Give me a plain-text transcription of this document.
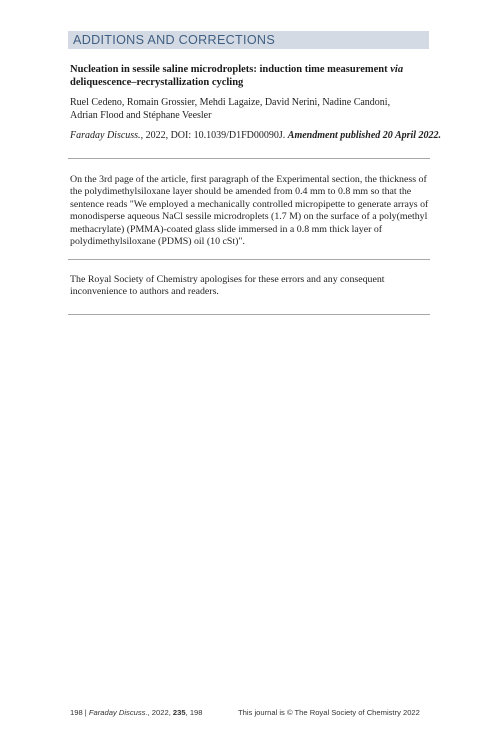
ADDITIONS AND CORRECTIONS
Nucleation in sessile saline microdroplets: induction time measurement via deliquescence–recrystallization cycling
Ruel Cedeno, Romain Grossier, Mehdi Lagaize, David Nerini, Nadine Candoni,
Adrian Flood and Stéphane Veesler
Faraday Discuss., 2022, DOI: 10.1039/D1FD00090J. Amendment published 20 April 2022.
On the 3rd page of the article, first paragraph of the Experimental section, the thickness of the polydimethylsiloxane layer should be amended from 0.4 mm to 0.8 mm so that the sentence reads "We employed a mechanically controlled micropipette to generate arrays of monodisperse aqueous NaCl sessile microdroplets (1.7 M) on the surface of a poly(methyl methacrylate) (PMMA)-coated glass slide immersed in a 0.8 mm thick layer of polydimethylsiloxane (PDMS) oil (10 cSt)".
The Royal Society of Chemistry apologises for these errors and any consequent inconvenience to authors and readers.
198 | Faraday Discuss., 2022, 235, 198	This journal is © The Royal Society of Chemistry 2022
